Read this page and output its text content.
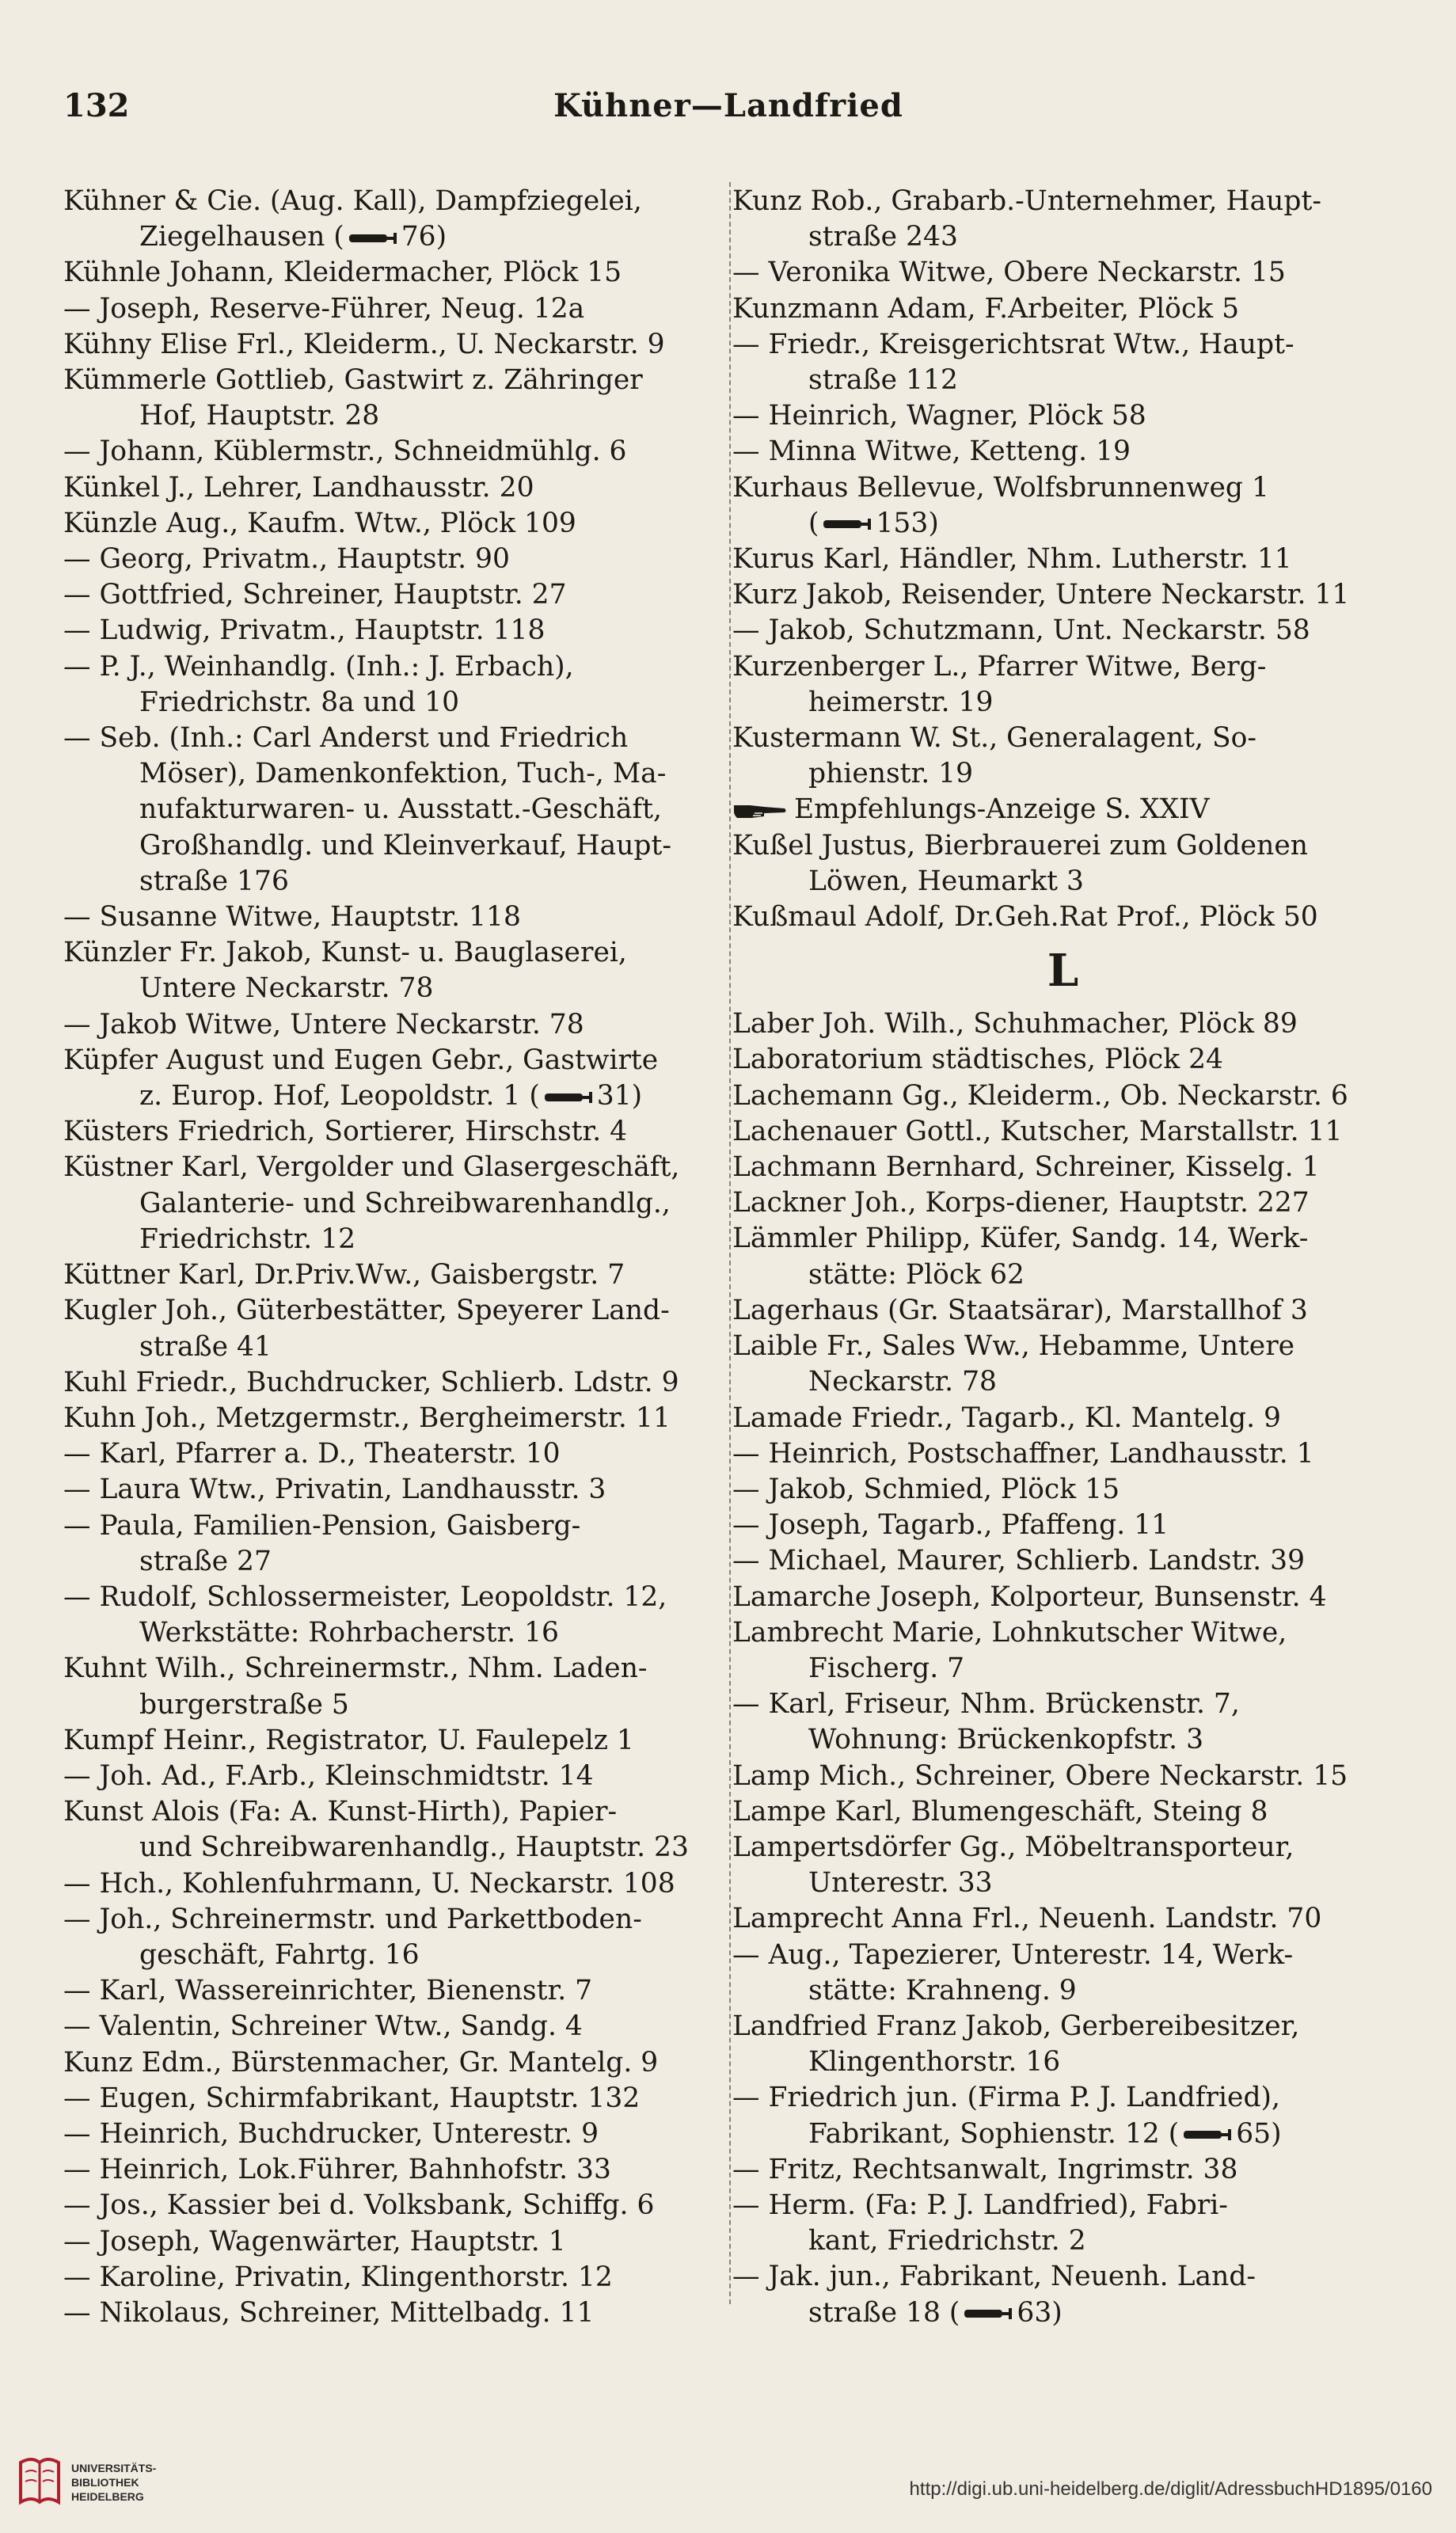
132	Kühner—Landfried
Kühner & Cie. (Aug. Kall), Dampfziegelei,
Ziegelhausen ( 76)
Kühnle Johann, Kleidermacher, Plöck 15
— Joseph, Reserve-Führer, Neug. 12a
Kühny Elise Frl., Kleiderm., U. Neckarstr. 9
Kümmerle Gottlieb, Gastwirt z. Zähringer
Hof, Hauptstr. 28
— Johann, Küblermstr., Schneidmühlg. 6
Künkel J., Lehrer, Landhausstr. 20
Künzle Aug., Kaufm. Wtw., Plöck 109
— Georg, Privatm., Hauptstr. 90
— Gottfried, Schreiner, Hauptstr. 27
— Ludwig, Privatm., Hauptstr. 118
— P. J., Weinhandlg. (Inh.: J. Erbach),
Friedrichstr. 8a und 10
— Seb. (Inh.: Carl Anderst und Friedrich
Möser), Damenkonfektion, Tuch-, Ma-
nufakturwaren- u. Ausstatt.-Geschäft,
Großhandlg. und Kleinverkauf, Haupt-
straße 176
— Susanne Witwe, Hauptstr. 118
Künzler Fr. Jakob, Kunst- u. Bauglaserei,
Untere Neckarstr. 78
— Jakob Witwe, Untere Neckarstr. 78
Küpfer August und Eugen Gebr., Gastwirte
z. Europ. Hof, Leopoldstr. 1 ( 31)
Küsters Friedrich, Sortierer, Hirschstr. 4
Küstner Karl, Vergolder und Glasergeschäft,
Galanterie- und Schreibwarenhandlg.,
Friedrichstr. 12
Küttner Karl, Dr.Priv.Ww., Gaisbergstr. 7
Kugler Joh., Güterbestätter, Speyerer Land-
straße 41
Kuhl Friedr., Buchdrucker, Schlierb. Ldstr. 9
Kuhn Joh., Metzgermstr., Bergheimerstr. 11
— Karl, Pfarrer a. D., Theaterstr. 10
— Laura Wtw., Privatin, Landhausstr. 3
— Paula, Familien-Pension, Gaisberg-
straße 27
— Rudolf, Schlossermeister, Leopoldstr. 12,
Werkstätte: Rohrbacherstr. 16
Kuhnt Wilh., Schreinermstr., Nhm. Laden-
burgerstraße 5
Kumpf Heinr., Registrator, U. Faulepelz 1
— Joh. Ad., F.Arb., Kleinschmidtstr. 14
Kunst Alois (Fa: A. Kunst-Hirth), Papier-
und Schreibwarenhandlg., Hauptstr. 23
— Hch., Kohlenfuhrmann, U. Neckarstr. 108
— Joh., Schreinermstr. und Parkettboden-
geschäft, Fahrtg. 16
— Karl, Wassereinrichter, Bienenstr. 7
— Valentin, Schreiner Wtw., Sandg. 4
Kunz Edm., Bürstenmacher, Gr. Mantelg. 9
— Eugen, Schirmfabrikant, Hauptstr. 132
— Heinrich, Buchdrucker, Unterestr. 9
— Heinrich, Lok.Führer, Bahnhofstr. 33
— Jos., Kassier bei d. Volksbank, Schiffg. 6
— Joseph, Wagenwärter, Hauptstr. 1
— Karoline, Privatin, Klingenthorstr. 12
— Nikolaus, Schreiner, Mittelbadg. 11
Kunz Rob., Grabarb.-Unternehmer, Haupt-
straße 243
— Veronika Witwe, Obere Neckarstr. 15
Kunzmann Adam, F.Arbeiter, Plöck 5
— Friedr., Kreisgerichtsrat Wtw., Haupt-
straße 112
— Heinrich, Wagner, Plöck 58
— Minna Witwe, Ketteng. 19
Kurhaus Bellevue, Wolfsbrunnenweg 1
( 153)
Kurus Karl, Händler, Nhm. Lutherstr. 11
Kurz Jakob, Reisender, Untere Neckarstr. 11
— Jakob, Schutzmann, Unt. Neckarstr. 58
Kurzenberger L., Pfarrer Witwe, Berg-
heimerstr. 19
Kustermann W. St., Generalagent, So-
phienstr. 19
Empfehlungs-Anzeige S. XXIV
Kußel Justus, Bierbrauerei zum Goldenen
Löwen, Heumarkt 3
Kußmaul Adolf, Dr.Geh.Rat Prof., Plöck 50
L
Laber Joh. Wilh., Schuhmacher, Plöck 89
Laboratorium städtisches, Plöck 24
Lachemann Gg., Kleiderm., Ob. Neckarstr. 6
Lachenauer Gottl., Kutscher, Marstallstr. 11
Lachmann Bernhard, Schreiner, Kisselg. 1
Lackner Joh., Korps-diener, Hauptstr. 227
Lämmler Philipp, Küfer, Sandg. 14, Werk-
stätte: Plöck 62
Lagerhaus (Gr. Staatsärar), Marstallhof 3
Laible Fr., Sales Ww., Hebamme, Untere
Neckarstr. 78
Lamade Friedr., Tagarb., Kl. Mantelg. 9
— Heinrich, Postschaffner, Landhausstr. 1
— Jakob, Schmied, Plöck 15
— Joseph, Tagarb., Pfaffeng. 11
— Michael, Maurer, Schlierb. Landstr. 39
Lamarche Joseph, Kolporteur, Bunsenstr. 4
Lambrecht Marie, Lohnkutscher Witwe,
Fischerg. 7
— Karl, Friseur, Nhm. Brückenstr. 7,
Wohnung: Brückenkopfstr. 3
Lamp Mich., Schreiner, Obere Neckarstr. 15
Lampe Karl, Blumengeschäft, Steing 8
Lampertsdörfer Gg., Möbeltransporteur,
Unterestr. 33
Lamprecht Anna Frl., Neuenh. Landstr. 70
— Aug., Tapezierer, Unterestr. 14, Werk-
stätte: Krahneng. 9
Landfried Franz Jakob, Gerbereibesitzer,
Klingenthorstr. 16
— Friedrich jun. (Firma P. J. Landfried),
Fabrikant, Sophienstr. 12 ( 65)
— Fritz, Rechtsanwalt, Ingrimstr. 38
— Herm. (Fa: P. J. Landfried), Fabri-
kant, Friedrichstr. 2
— Jak. jun., Fabrikant, Neuenh. Land-
straße 18 ( 63)
UNIVERSITÄTS-
BIBLIOTHEK
HEIDELBERG	http://digi.ub.uni-heidelberg.de/diglit/AdressbuchHD1895/0160
